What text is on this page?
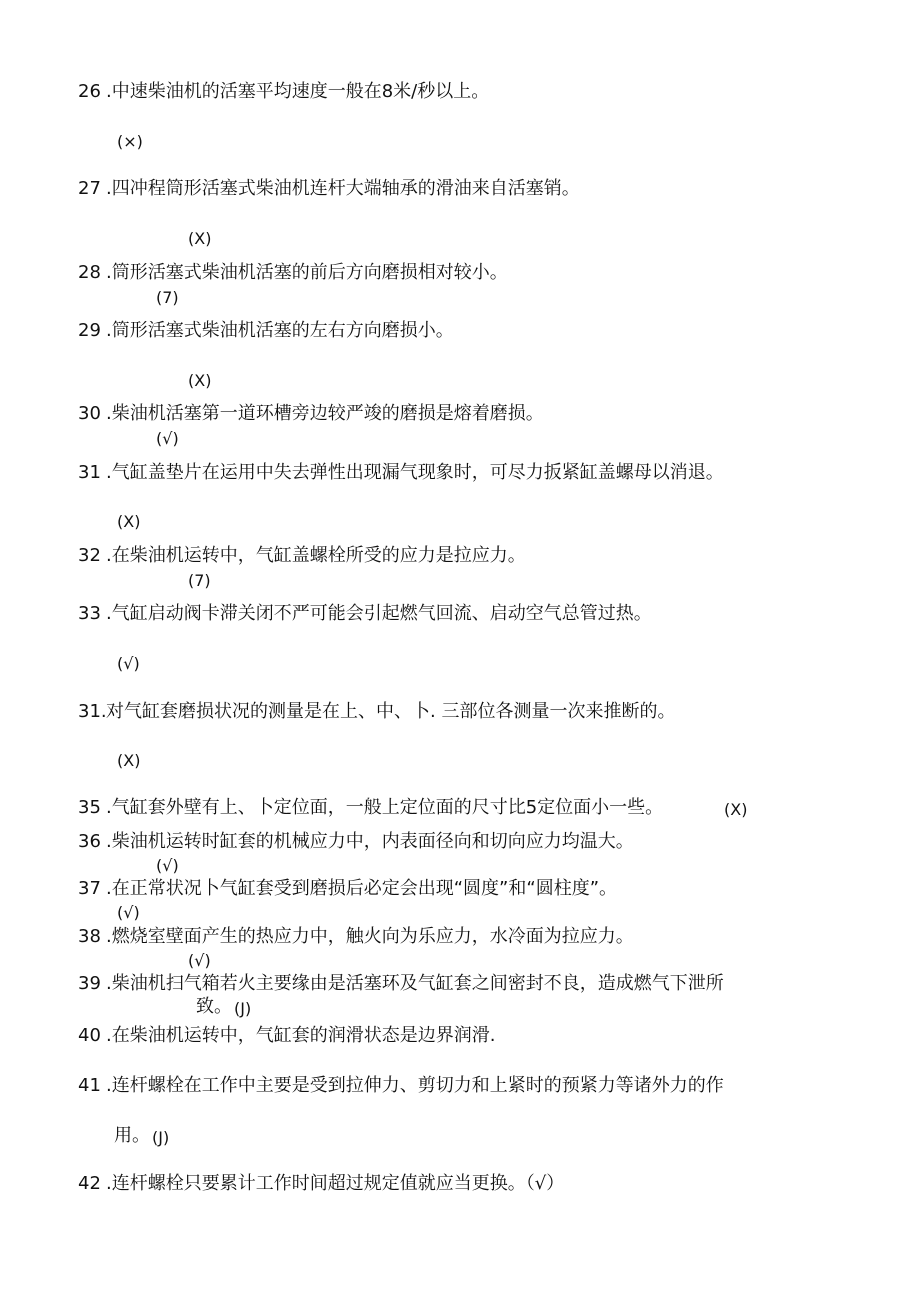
26 .中速柴油机的活塞平均速度一般在8米/秒以上。
(×)
27 .四冲程筒形活塞式柴油机连杆大端轴承的滑油来自活塞销。
(X)
28 .筒形活塞式柴油机活塞的前后方向磨损相对较小。
(7)
29 .筒形活塞式柴油机活塞的左右方向磨损小。
(X)
30 .柴油机活塞第一道环槽旁边较严竣的磨损是熔着磨损。
(√)
31 .气缸盖垫片在运用中失去弹性出现漏气现象时，可尽力扳紧缸盖螺母以消退。
(X)
32 .在柴油机运转中，气缸盖螺栓所受的应力是拉应力。
(7)
33 .气缸启动阀卡滞关闭不严可能会引起燃气回流、启动空气总管过热。
(√)
31. 对气缸套磨损状况的测量是在上、中、卜. 三部位各测量一次来推断的。
(X)
35 .气缸套外壁有上、卜定位面，一般上定位面的尺寸比5定位面小一些。	(X)
36 .柴油机运转时缸套的机械应力中，内表面径向和切向应力均温大。
(√)
37 .在正常状况卜气缸套受到磨损后必定会出现“圆度”和“圆柱度”。
(√)
38 .燃烧室壁面产生的热应力中，触火向为乐应力，水冷面为拉应力。
(√)
39 .柴油机扫气箱若火主要缘由是活塞环及气缸套之间密封不良，造成燃气下泄所
致。 (J)
40 .在柴油机运转中，气缸套的润滑状态是边界润滑.
41 .连杆螺栓在工作中主要是受到拉伸力、剪切力和上紧时的预紧力等诸外力的作
用。 (J)
42 .连杆螺栓只要累计工作时间超过规定值就应当更换。（√）
